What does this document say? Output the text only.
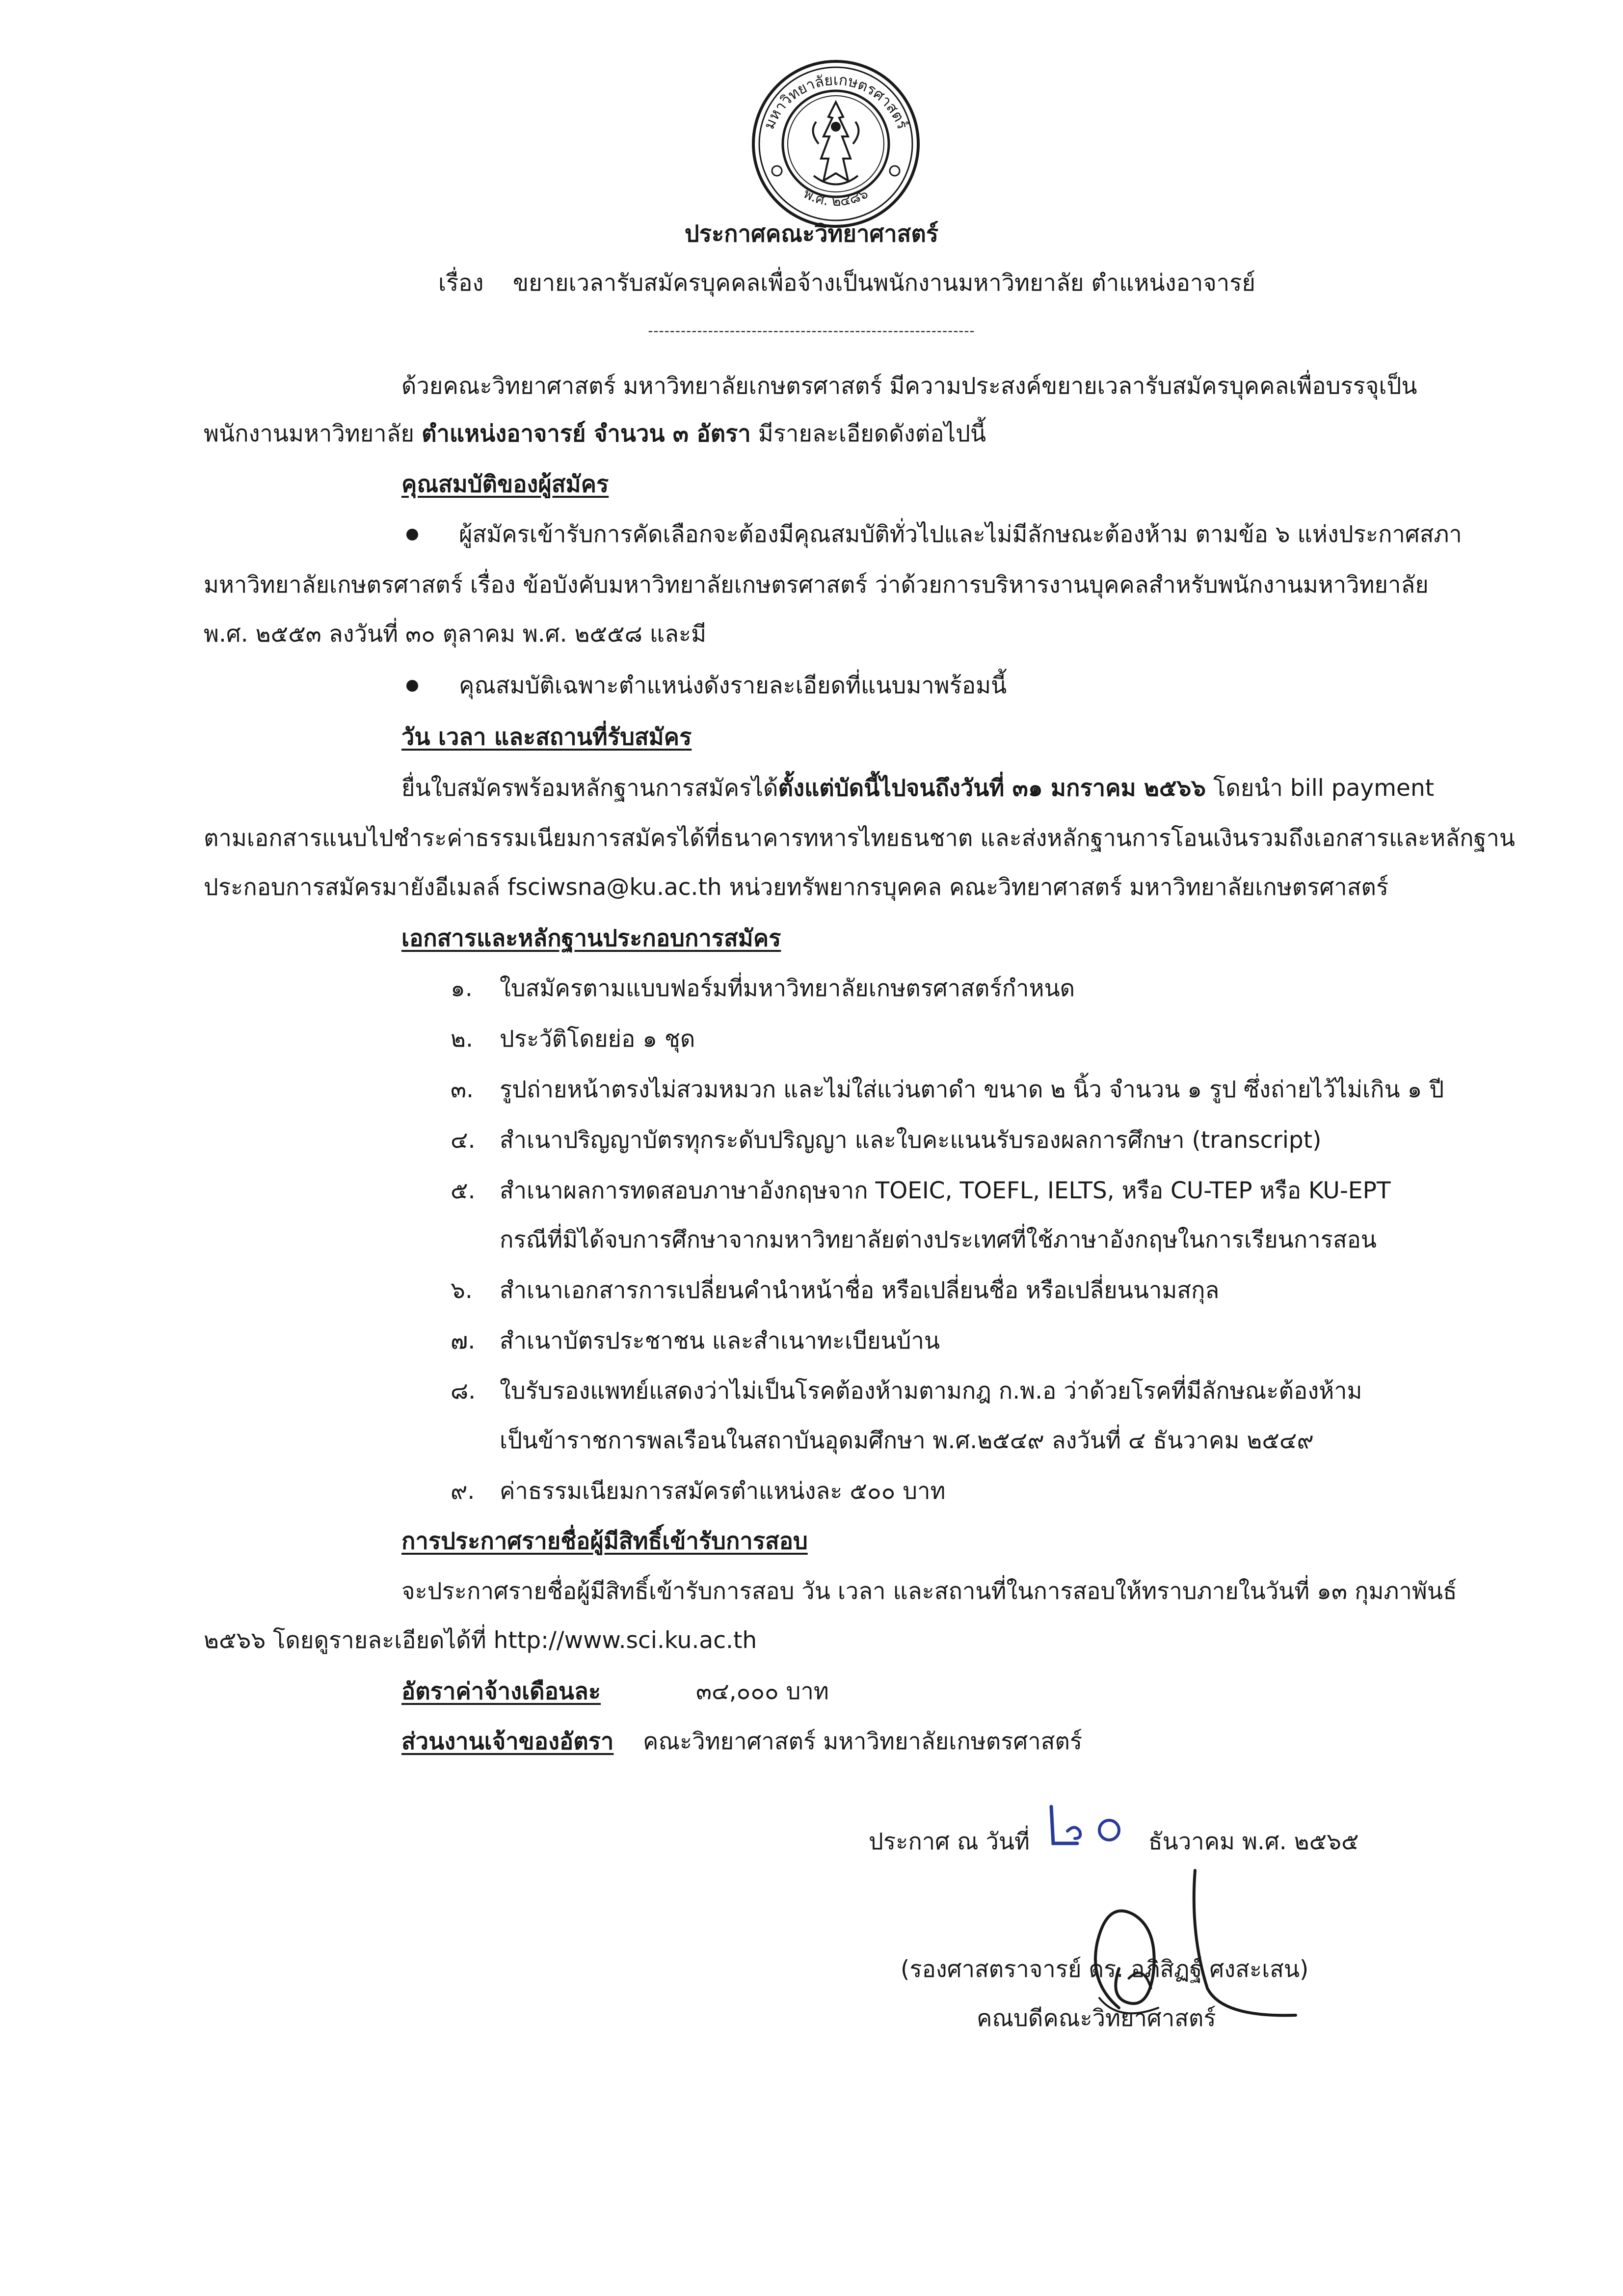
มหาวิทยาลัยเกษตรศาสตร์
พ.ศ. ๒๔๘๖
ประกาศคณะวิทยาศาสตร์
เรื่อง ขยายเวลารับสมัครบุคคลเพื่อจ้างเป็นพนักงานมหาวิทยาลัย ตำแหน่งอาจารย์
------------------------------------------------------------
ด้วยคณะวิทยาศาสตร์ มหาวิทยาลัยเกษตรศาสตร์ มีความประสงค์ขยายเวลารับสมัครบุคคลเพื่อบรรจุเป็น
พนักงานมหาวิทยาลัย ตำแหน่งอาจารย์ จำนวน ๓ อัตรา มีรายละเอียดดังต่อไปนี้
คุณสมบัติของผู้สมัคร
ผู้สมัครเข้ารับการคัดเลือกจะต้องมีคุณสมบัติทั่วไปและไม่มีลักษณะต้องห้าม ตามข้อ ๖ แห่งประกาศสภา
มหาวิทยาลัยเกษตรศาสตร์ เรื่อง ข้อบังคับมหาวิทยาลัยเกษตรศาสตร์ ว่าด้วยการบริหารงานบุคคลสำหรับพนักงานมหาวิทยาลัย
พ.ศ. ๒๕๕๓ ลงวันที่ ๓๐ ตุลาคม พ.ศ. ๒๕๕๘ และมี
คุณสมบัติเฉพาะตำแหน่งดังรายละเอียดที่แนบมาพร้อมนี้
วัน เวลา และสถานที่รับสมัคร
ยื่นใบสมัครพร้อมหลักฐานการสมัครได้ตั้งแต่บัดนี้ไปจนถึงวันที่ ๓๑ มกราคม ๒๕๖๖ โดยนำ bill payment
ตามเอกสารแนบไปชำระค่าธรรมเนียมการสมัครได้ที่ธนาคารทหารไทยธนชาต และส่งหลักฐานการโอนเงินรวมถึงเอกสารและหลักฐาน
ประกอบการสมัครมายังอีเมลล์ fsciwsna@ku.ac.th หน่วยทรัพยากรบุคคล คณะวิทยาศาสตร์ มหาวิทยาลัยเกษตรศาสตร์
เอกสารและหลักฐานประกอบการสมัคร
๑. ใบสมัครตามแบบฟอร์มที่มหาวิทยาลัยเกษตรศาสตร์กำหนด
๒. ประวัติโดยย่อ ๑ ชุด
๓. รูปถ่ายหน้าตรงไม่สวมหมวก และไม่ใส่แว่นตาดำ ขนาด ๒ นิ้ว จำนวน ๑ รูป ซึ่งถ่ายไว้ไม่เกิน ๑ ปี
๔. สำเนาปริญญาบัตรทุกระดับปริญญา และใบคะแนนรับรองผลการศึกษา (transcript)
๕. สำเนาผลการทดสอบภาษาอังกฤษจาก TOEIC, TOEFL, IELTS, หรือ CU-TEP หรือ KU-EPT
กรณีที่มิได้จบการศึกษาจากมหาวิทยาลัยต่างประเทศที่ใช้ภาษาอังกฤษในการเรียนการสอน
๖. สำเนาเอกสารการเปลี่ยนคำนำหน้าชื่อ หรือเปลี่ยนชื่อ หรือเปลี่ยนนามสกุล
๗. สำเนาบัตรประชาชน และสำเนาทะเบียนบ้าน
๘. ใบรับรองแพทย์แสดงว่าไม่เป็นโรคต้องห้ามตามกฎ ก.พ.อ ว่าด้วยโรคที่มีลักษณะต้องห้าม
เป็นข้าราชการพลเรือนในสถาบันอุดมศึกษา พ.ศ.๒๕๔๙ ลงวันที่ ๔ ธันวาคม ๒๕๔๙
๙. ค่าธรรมเนียมการสมัครตำแหน่งละ ๕๐๐ บาท
การประกาศรายชื่อผู้มีสิทธิ์เข้ารับการสอบ
จะประกาศรายชื่อผู้มีสิทธิ์เข้ารับการสอบ วัน เวลา และสถานที่ในการสอบให้ทราบภายในวันที่ ๑๓ กุมภาพันธ์
๒๕๖๖ โดยดูรายละเอียดได้ที่ http://www.sci.ku.ac.th
อัตราค่าจ้างเดือนละ	๓๔,๐๐๐ บาท
ส่วนงานเจ้าของอัตรา คณะวิทยาศาสตร์ มหาวิทยาลัยเกษตรศาสตร์
ประกาศ ณ วันที่	ธันวาคม พ.ศ. ๒๕๖๕
(รองศาสตราจารย์ ดร. อภิสิฏฐ์ ศงสะเสน)
คณบดีคณะวิทยาศาสตร์
